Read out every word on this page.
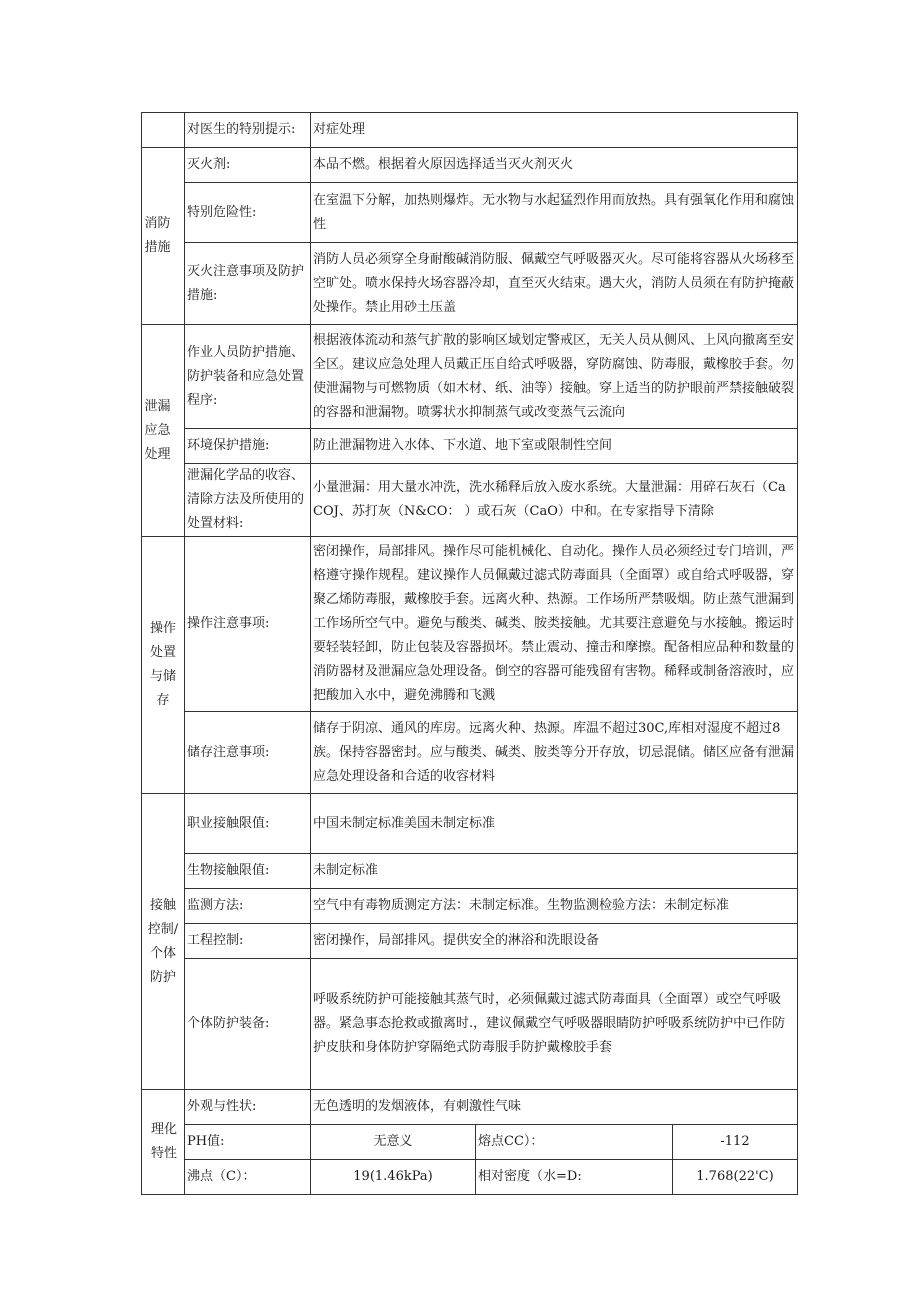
	对医生的特别提示:	对症处理		
消防措施	灭火剂:	本品不燃。根据着火原因选择适当灭火剂灭火		
	特别危险性:	在室温下分解，加热则爆炸。无水物与水起猛烈作用而放热。具有强氧化作用和腐蚀性		
	灭火注意事项及防护措施:	消防人员必须穿全身耐酸碱消防服、佩戴空气呼吸器灭火。尽可能将容器从火场移至空旷处。喷水保持火场容器冷却，直至灭火结束。遇大火，消防人员须在有防护掩蔽处操作。禁止用砂土压盖		
泄漏应急处理	作业人员防护措施、防护装备和应急处置程序:	根据液体流动和蒸气扩散的影响区域划定警戒区，无关人员从侧风、上风向撤离至安全区。建议应急处理人员戴正压自给式呼吸器，穿防腐蚀、防毒服，戴橡胶手套。勿使泄漏物与可燃物质（如木材、纸、油等）接触。穿上适当的防护眼前严禁接触破裂的容器和泄漏物。喷雾状水抑制蒸气或改变蒸气云流向		
	环境保护措施:	防止泄漏物进入水体、下水道、地下室或限制性空间		
	泄漏化学品的收容、清除方法及所使用的处置材料:	小量泄漏：用大量水冲洗，洗水稀释后放入废水系统。大量泄漏：用碎石灰石（CaCOJ、苏打灰（N&CO： ）或石灰（CaO）中和。在专家指导下清除		
操作处置与储存	操作注意事项:	密闭操作，局部排风。操作尽可能机械化、自动化。操作人员必须经过专门培训，严格遵守操作规程。建议操作人员佩戴过滤式防毒面具（全面罩）或自给式呼吸器，穿聚乙烯防毒服，戴橡胶手套。远离火种、热源。工作场所严禁吸烟。防止蒸气泄漏到工作场所空气中。避免与酸类、碱类、胺类接触。尤其要注意避免与水接触。搬运时要轻装轻卸，防止包装及容器损坏。禁止震动、撞击和摩擦。配备相应品种和数量的消防器材及泄漏应急处理设备。倒空的容器可能残留有害物。稀释或制备溶液时，应把酸加入水中，避免沸腾和飞溅		
	储存注意事项:	储存于阴凉、通风的库房。远离火种、热源。库温不超过30C,库相对湿度不超过8族。保持容器密封。应与酸类、碱类、胺类等分开存放，切忌混储。储区应备有泄漏应急处理设备和合适的收容材料		
接触控制/个体防护	职业接触限值:	中国未制定标准美国未制定标准		
	生物接触限值:	未制定标准		
	监测方法:	空气中有毒物质测定方法：未制定标准。生物监测检验方法：未制定标准		
	工程控制:	密闭操作，局部排风。提供安全的淋浴和洗眼设备		
	个体防护装备:	呼吸系统防护可能接触其蒸气时，必须佩戴过滤式防毒面具（全面罩）或空气呼吸器。紧急事态抢救或撤离时.，建议佩戴空气呼吸器眼睛防护呼吸系统防护中已作防护皮肤和身体防护穿隔绝式防毒服手防护戴橡胶手套		
理化特性	外观与性状:	无色透明的发烟液体，有刺激性气味		
	PH值:	无意义	熔点CC）：	-112
	沸点（C）：	19(1.46kPa)	相对密度（水=D:	1.768(22'C)
